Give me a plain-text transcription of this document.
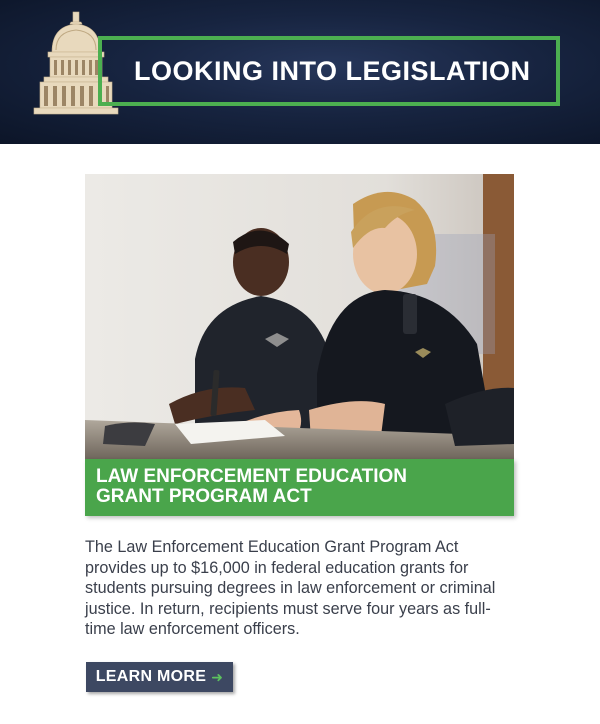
LOOKING INTO LEGISLATION
LAW ENFORCEMENT EDUCATION
GRANT PROGRAM ACT
The Law Enforcement Education Grant Program Act provides up to $16,000 in federal education grants for students pursuing degrees in law enforcement or criminal justice. In return, recipients must serve four years as full-time law enforcement officers.
LEARN MORE ➜
